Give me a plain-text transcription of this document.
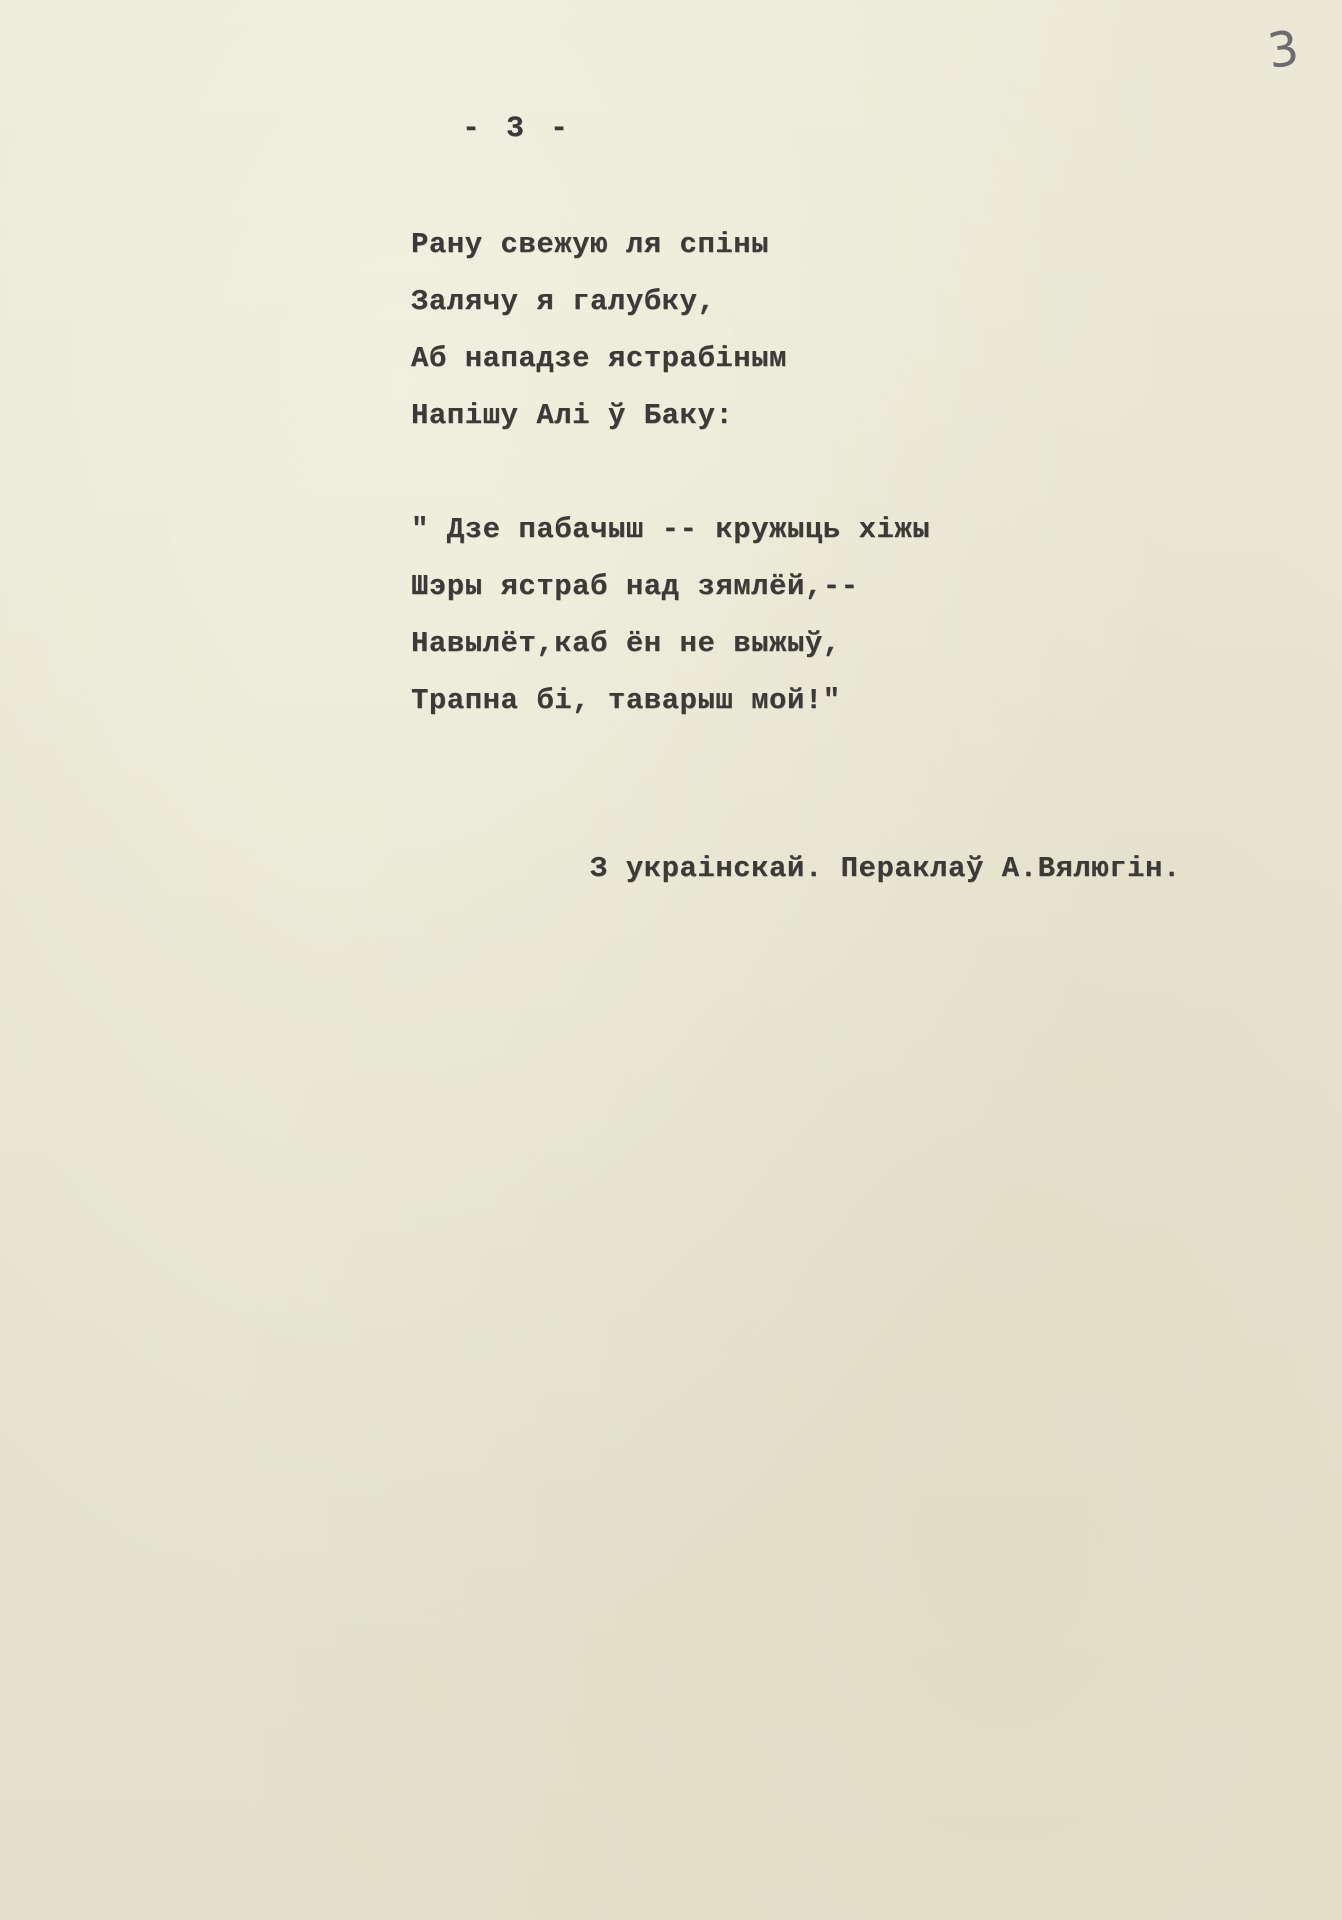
3
- 3 -
Рану свежую ля спіны
Залячу я галубку,
Аб нападзе ястрабіным
Напішу Алі ў Баку:
" Дзе пабачыш -- кружыць хіжы
Шэры ястраб над зямлёй,--
Навылёт,каб ён не выжыў,
Трапна бі, таварыш мой!"
З украінскай. Пераклаў А.Вялюгін.
